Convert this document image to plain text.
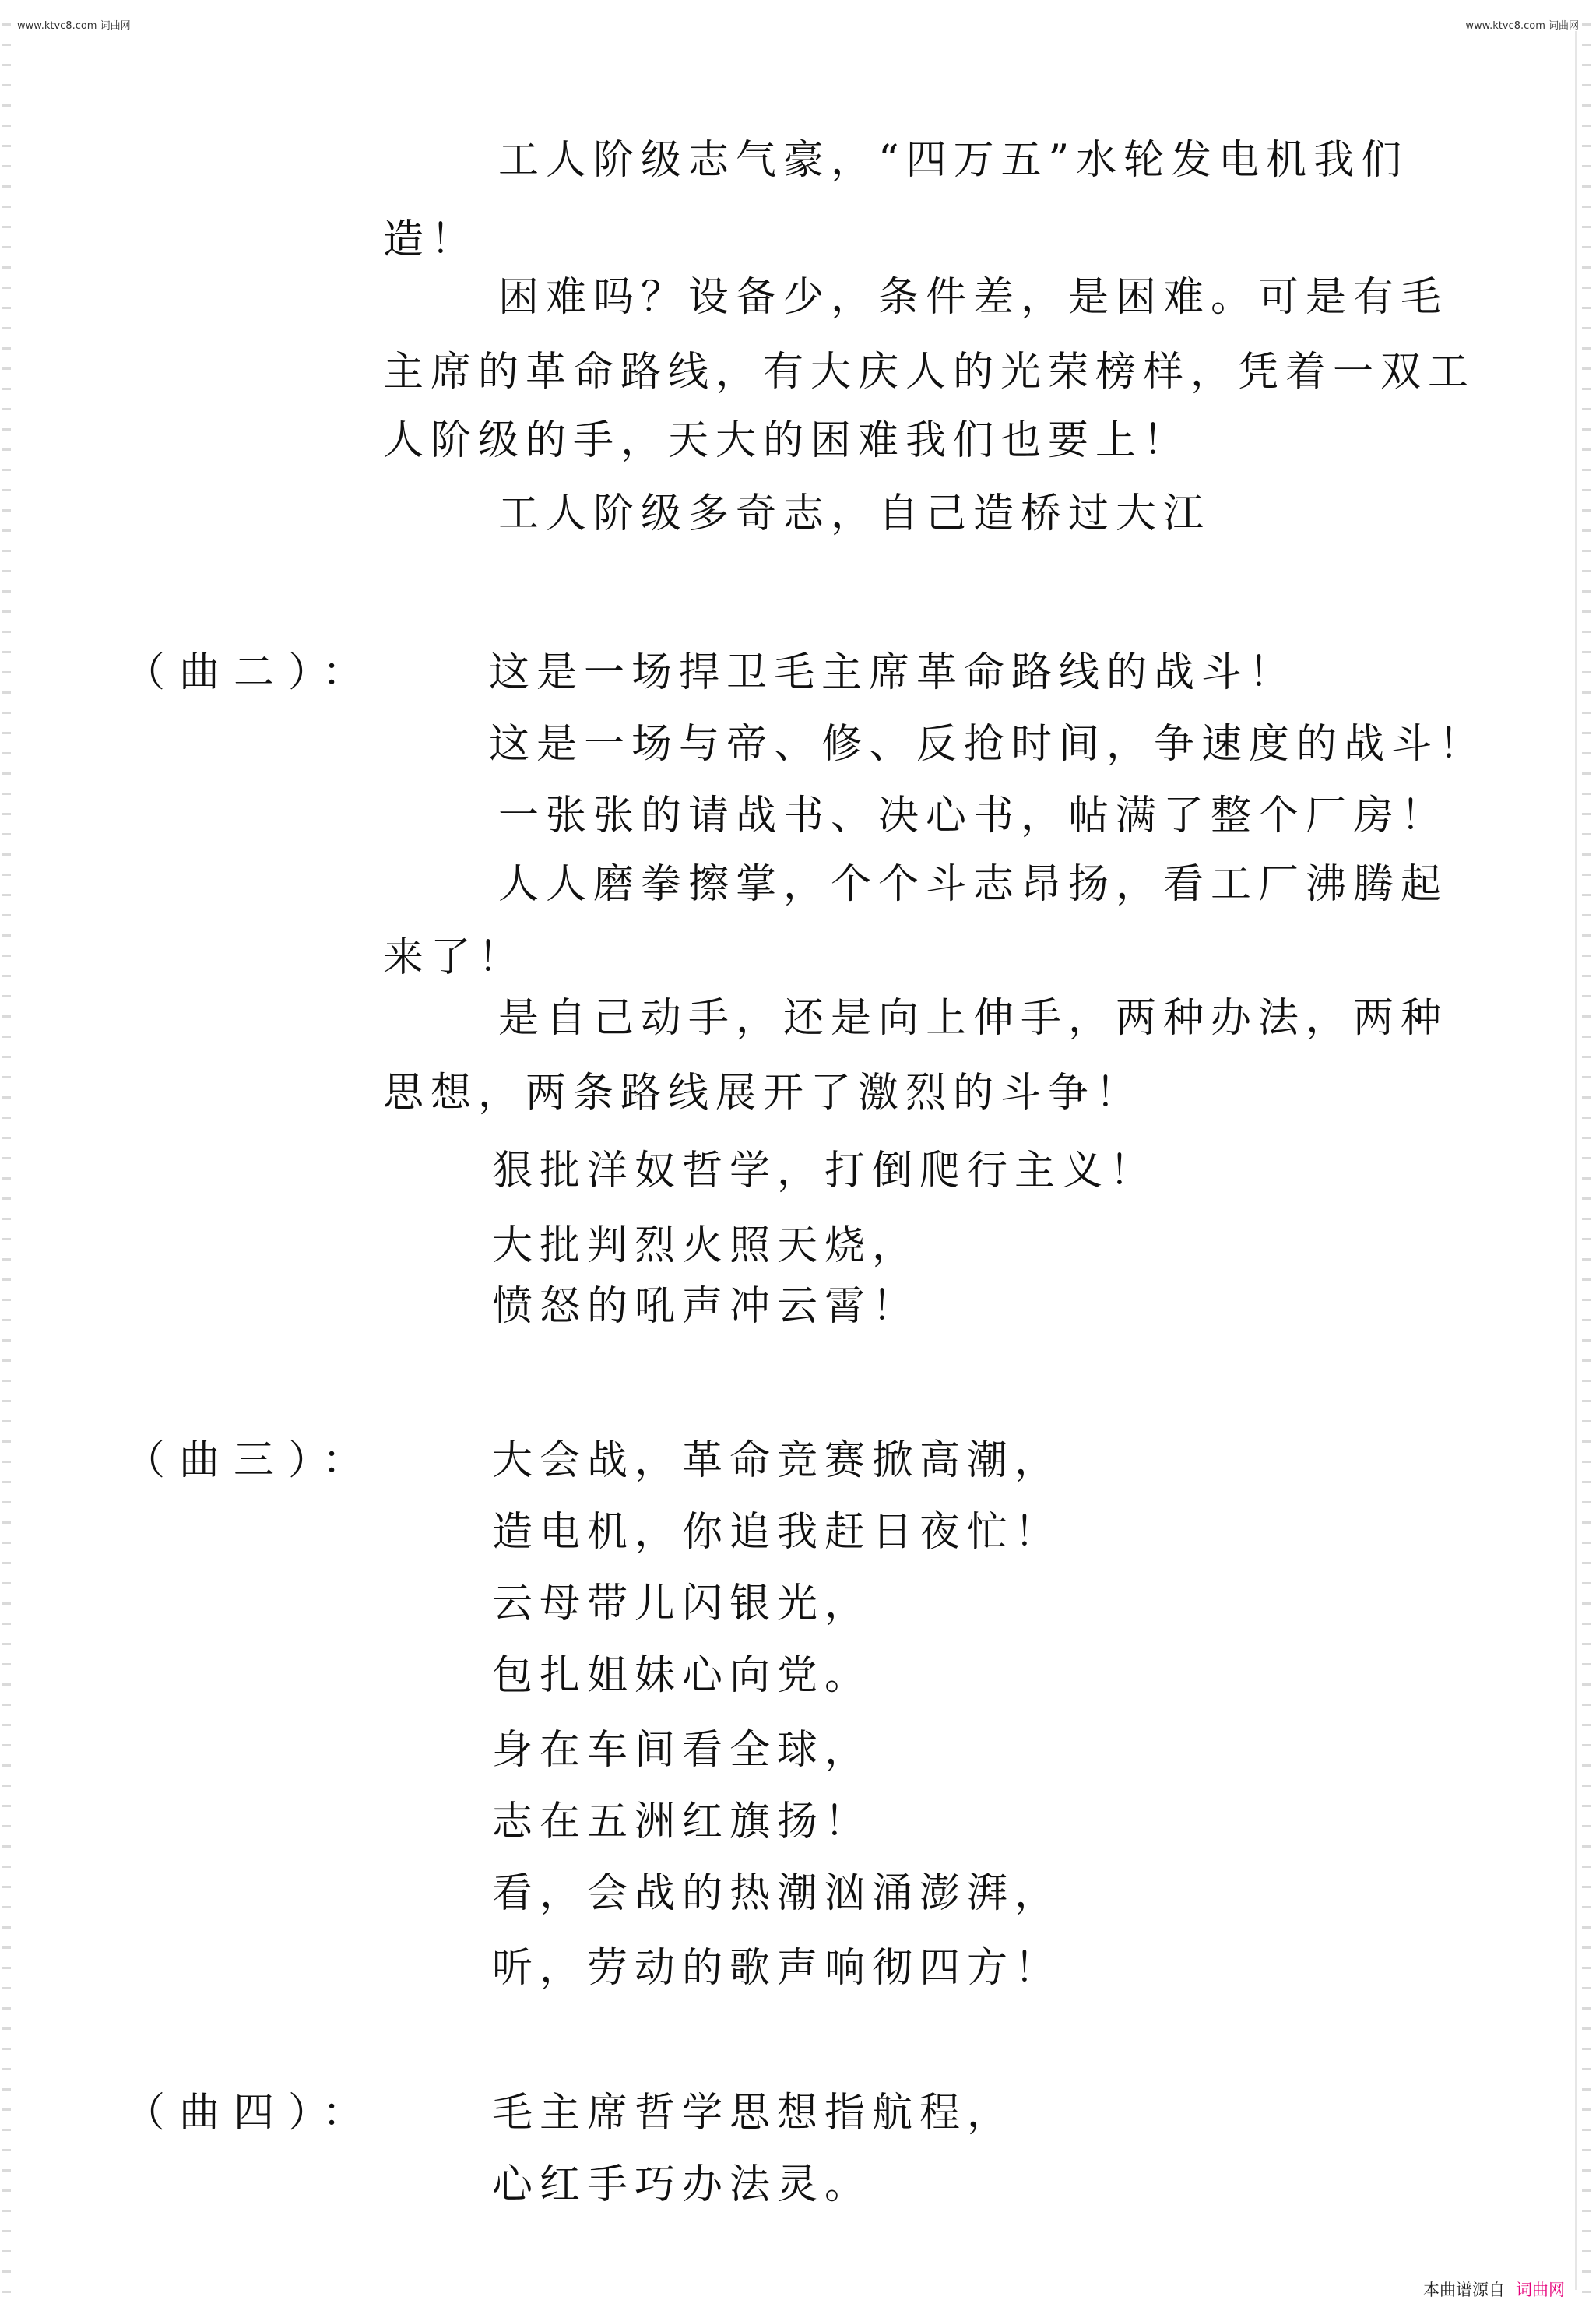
www.ktvc8.com 词曲网	www.ktvc8.com 词曲网
工人阶级志气豪，“四万五”水轮发电机我们
造！
困难吗？设备少，条件差，是困难。可是有毛
主席的革命路线，有大庆人的光荣榜样，凭着一双工
人阶级的手，天大的困难我们也要上！
工人阶级多奇志，自己造桥过大江
（曲二）：	这是一场捍卫毛主席革命路线的战斗！
这是一场与帝、修、反抢时间，争速度的战斗！
一张张的请战书、决心书，帖满了整个厂房！
人人磨拳擦掌，个个斗志昂扬，看工厂沸腾起
来了！
是自己动手，还是向上伸手，两种办法，两种
思想，两条路线展开了激烈的斗争！
狠批洋奴哲学，打倒爬行主义！
大批判烈火照天烧，
愤怒的吼声冲云霄！
（曲三）：	大会战，革命竞赛掀高潮，
造电机，你追我赶日夜忙！
云母带儿闪银光，
包扎姐妹心向党。
身在车间看全球，
志在五洲红旗扬！
看，会战的热潮汹涌澎湃，
听，劳动的歌声响彻四方！
（曲四）：	毛主席哲学思想指航程，
心红手巧办法灵。
本曲谱源自 词曲网
